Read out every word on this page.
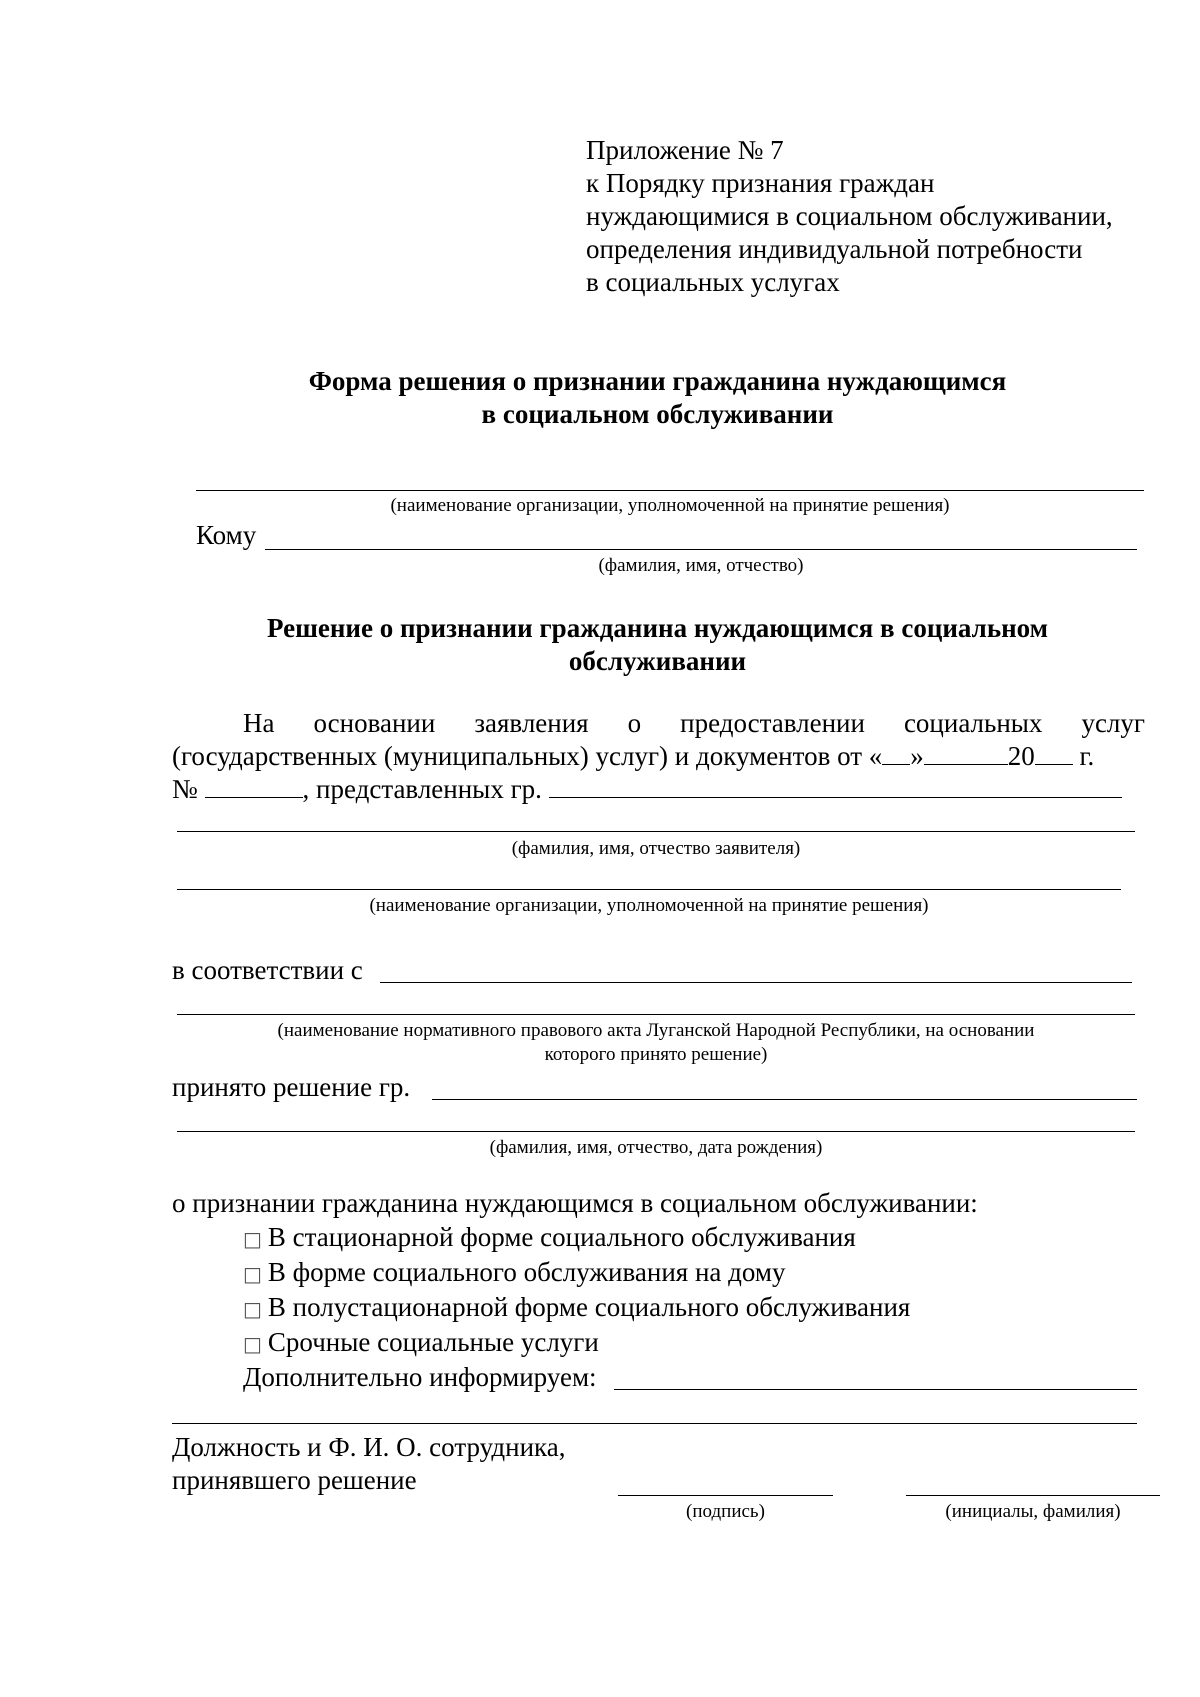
Приложение № 7
к Порядку признания граждан
нуждающимися в социальном обслуживании,
определения индивидуальной потребности
в социальных услугах
Форма решения о признании гражданина нуждающимся
в социальном обслуживании
(наименование организации, уполномоченной на принятие решения)
Кому
(фамилия, имя, отчество)
Решение о признании гражданина нуждающимся в социальном
обслуживании
На основании заявления о предоставлении социальных услуг
(государственных (муниципальных) услуг) и документов от « »	20 г.
№	, представленных гр.
(фамилия, имя, отчество заявителя)
(наименование организации, уполномоченной на принятие решения)
в соответствии с
(наименование нормативного правового акта Луганской Народной Республики, на основании
которого принято решение)
принято решение гр.
(фамилия, имя, отчество, дата рождения)
о признании гражданина нуждающимся в социальном обслуживании:
□ В стационарной форме социального обслуживания
□ В форме социального обслуживания на дому
□ В полустационарной форме социального обслуживания
□ Срочные социальные услуги
Дополнительно информируем:
Должность и Ф. И. О. сотрудника,
принявшего решение
(подпись)	(инициалы, фамилия)
